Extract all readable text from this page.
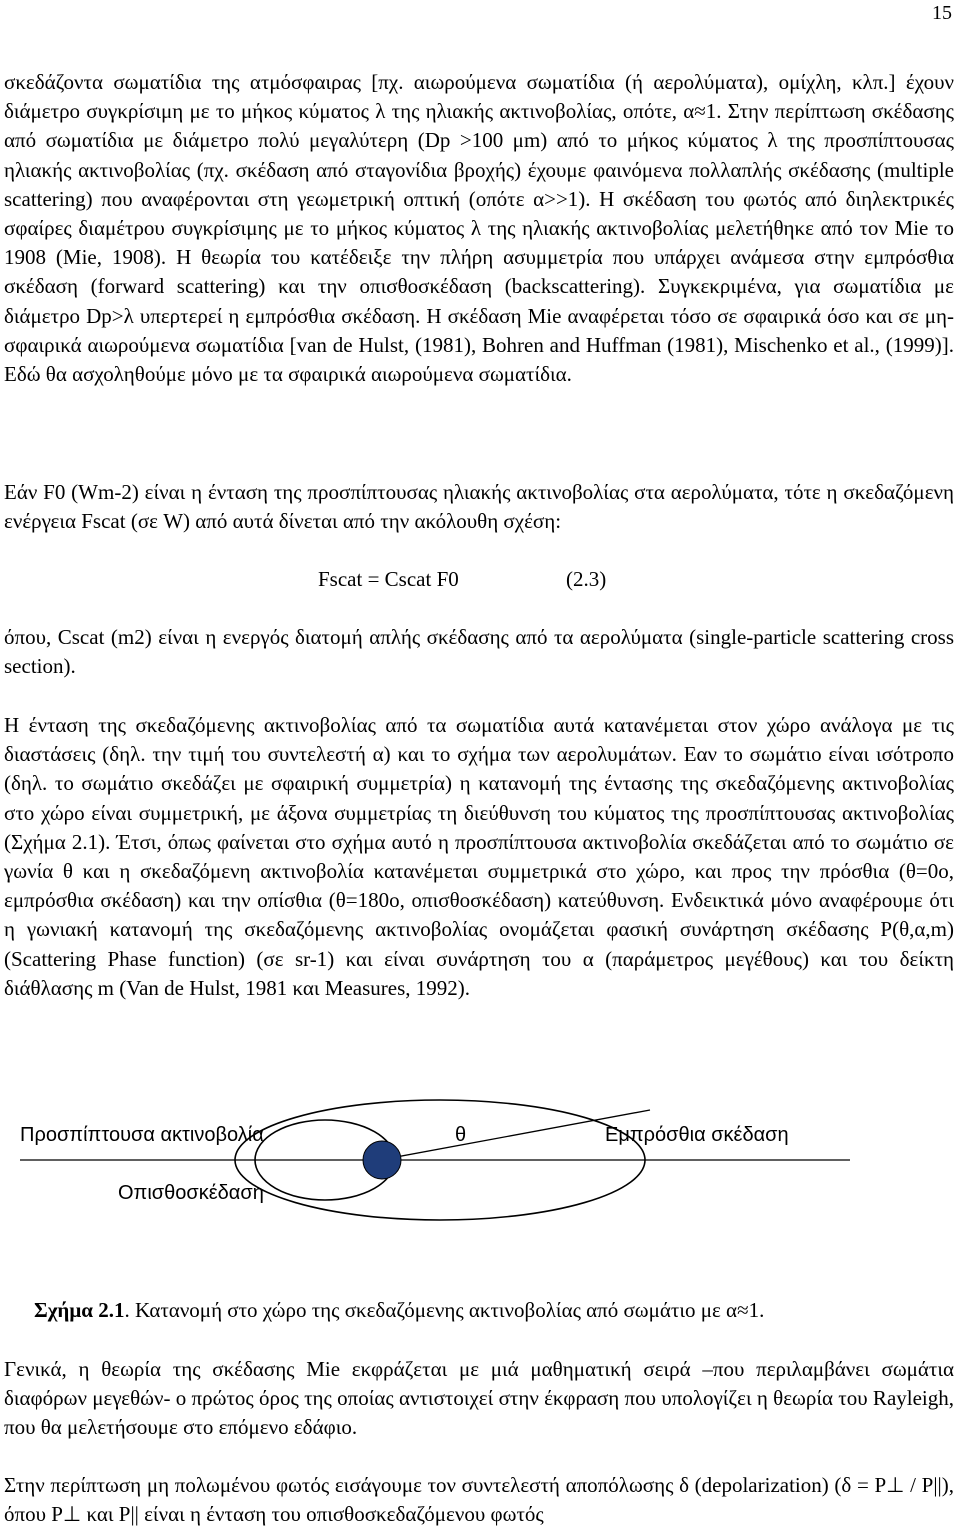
15

σκεδάζοντα σωματίδια της ατμόσφαιρας [πχ. αιωρούμενα σωματίδια (ή αερολύματα), ομίχλη, κλπ.] έχουν διάμετρο συγκρίσιμη με το μήκος κύματος λ της ηλιακής ακτινοβολίας, οπότε, α≈1. Στην περίπτωση σκέδασης από σωματίδια με διάμετρο πολύ μεγαλύτερη (Dp >100 μm) από το μήκος κύματος λ της προσπίπτουσας ηλιακής ακτινοβολίας (πχ. σκέδαση από σταγονίδια βροχής) έχουμε φαινόμενα πολλαπλής σκέδασης (multiple scattering) που αναφέρονται στη γεωμετρική οπτική (οπότε α>>1). Η σκέδαση του φωτός από διηλεκτρικές σφαίρες διαμέτρου συγκρίσιμης με το μήκος κύματος λ της ηλιακής ακτινοβολίας μελετήθηκε από τον Mie το 1908 (Mie, 1908). Η θεωρία του κατέδειξε την πλήρη ασυμμετρία που υπάρχει ανάμεσα στην εμπρόσθια σκέδαση (forward scattering) και την οπισθοσκέδαση (backscattering). Συγκεκριμένα, για σωματίδια με διάμετρο Dp>λ υπερτερεί η εμπρόσθια σκέδαση. Η σκέδαση Mie αναφέρεται τόσο σε σφαιρικά όσο και σε μη-σφαιρικά αιωρούμενα σωματίδια [van de Hulst, (1981), Bohren and Huffman (1981), Mischenko et al., (1999)]. Εδώ θα ασχοληθούμε μόνο με τα σφαιρικά αιωρούμενα σωματίδια.

Εάν F0 (Wm-2) είναι η ένταση της προσπίπτουσας ηλιακής ακτινοβολίας στα αερολύματα, τότε η σκεδαζόμενη ενέργεια Fscat (σε W) από αυτά δίνεται από την ακόλουθη σχέση:

Fscat = Cscat F0	(2.3)

όπου, Cscat (m2) είναι η ενεργός διατομή απλής σκέδασης από τα αερολύματα (single-particle scattering cross section).

Η ένταση της σκεδαζόμενης ακτινοβολίας από τα σωματίδια αυτά κατανέμεται στον χώρο ανάλογα με τις διαστάσεις (δηλ. την τιμή του συντελεστή α) και το σχήμα των αερολυμάτων. Εαν το σωμάτιο είναι ισότροπο (δηλ. το σωμάτιο σκεδάζει με σφαιρική συμμετρία) η κατανομή της έντασης της σκεδαζόμενης ακτινοβολίας στο χώρο είναι συμμετρική, με άξονα συμμετρίας τη διεύθυνση του κύματος της προσπίπτουσας ακτινοβολίας (Σχήμα 2.1). Έτσι, όπως φαίνεται στο σχήμα αυτό η προσπίπτουσα ακτινοβολία σκεδάζεται από το σωμάτιο σε γωνία θ και η σκεδαζόμενη ακτινοβολία κατανέμεται συμμετρικά στο χώρο, και προς την πρόσθια (θ=0o, εμπρόσθια σκέδαση) και την οπίσθια (θ=180o, οπισθοσκέδαση) κατεύθυνση. Ενδεικτικά μόνο αναφέρουμε ότι η γωνιακή κατανομή της σκεδαζόμενης ακτινοβολίας ονομάζεται φασική συνάρτηση σκέδασης P(θ,α,m) (Scattering Phase function) (σε sr-1) και είναι συνάρτηση του α (παράμετρος μεγέθους) και του δείκτη διάθλασης m (Van de Hulst, 1981 και Measures, 1992).

Προσπίπτουσα ακτινοβολία	θ	Εμπρόσθια σκέδαση
Οπισθοσκέδαση
Σχήμα 2.1. Κατανομή στο χώρο της σκεδαζόμενης ακτινοβολίας από σωμάτιο με α≈1.

Γενικά, η θεωρία της σκέδασης Mie εκφράζεται με μιά μαθηματική σειρά –που περιλαμβάνει σωμάτια διαφόρων μεγεθών- ο πρώτος όρος της οποίας αντιστοιχεί στην έκφραση που υπολογίζει η θεωρία του Rayleigh, που θα μελετήσουμε στο επόμενο εδάφιο.

Στην περίπτωση μη πολωμένου φωτός εισάγουμε τον συντελεστή αποπόλωσης δ (depolarization) (δ = P⊥ / P||), όπου P⊥ και P|| είναι η ένταση του οπισθοσκεδαζόμενου φωτός
